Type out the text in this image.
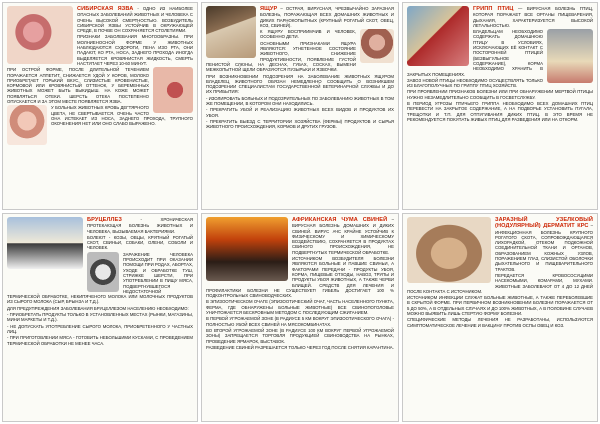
СИБИРСКАЯ ЯЗВА - ОДНО ИЗ НАИБОЛЕЕ ОПАСНЫХ ЗАБОЛЕВАНИЙ ЖИВОТНЫХ И ЧЕЛОВЕКА С ОЧЕНЬ ВЫСОКОЙ СМЕРТНОСТЬЮ. ВОЗБУДИТЕЛЬ СИБИРСКОЙ ЯЗВЫ УСТОЙЧИВ В ОКРУЖАЮЩЕЙ СРЕДЕ, В ПОЧВЕ ОН СОХРАНЯЕТСЯ СТОЛЕТИЯМИ.

ПРИЗНАКИ ЗАБОЛЕВАНИЯ МНОГООБРАЗНЫ. ПРИ МОЛНИЕНОСНОЙ ФОРМЕ У ЖИВОТНЫХ НАБЛЮДАЮТСЯ СУДОРОГИ, ПЕНА ИЗО РТА, ОНИ ПАДАЮТ, КО РТА, НОСА, ЗАДНЕГО ПРОХОДА ИНОГДА ВЫДЕЛЯЕТСЯ КРОВЯНИСТАЯ ЖИДКОСТЬ, СМЕРТЬ НАСТУПАЕТ ЧЕРЕЗ 10-60 МИНУТ.

ПРИ ОСТРОЙ ФОРМЕ, ПОСЛЕ ДЛИТЕЛЬНОЙ ТЕЧЕНИЕМ ПОРАЖАЕТСЯ АППЕТИТ, СНИЖАЕТСЯ УДОЙ У КОРОВ, МОЛОКО ПРИОБРЕТАЕТ ГОРЬКИЙ ВКУС, СЛИЗИСТЫЕ КРОВЕНИСТЫЕ, КОРМОВОЙ ИЛИ КРОВЯНИСТЫЙ ОТТЕНОК, У БЕРЕМЕННЫХ ЖИВОТНЫХ МОЖЕТ БЫТЬ ВЫКИДЫШ. НА КОЖЕ МОЖЕТ ПОЯВЛЯТЬСЯ ОТЕКИ. ШЕРСТЬ ОТЕКА ПОСТЕПЕННО ОПУСКАЕТСЯ И ЗА ЭТОМ МЕСТЕ ПОЯВЛЯЕТСЯ ЯЗВА.

У БОЛЬНЫХ ЖИВОТНЫХ КРОВЬ ДЕГТЯРНОГО ЦВЕТА, НЕ СВЕРТЫВАЕТСЯ. ОЧЕНЬ ЧАСТО ОНА ИСТЕКАЕТ ИЗ НОСА, ЗАДНЕГО ПРОХОДА, ТРУПНОГО ОКОЧЕНЕНИЯ НЕТ ИЛИ ОНО СЛАБО ВЫРАЖЕНО.

ЯЩУР – ОСТРАЯ, ВИРУСНАЯ, ЧРЕЗВЫЧАЙНО ЗАРАЗНАЯ БОЛЕЗНЬ, ПОРАЖАЮЩАЯ ВСЕХ ДОМАШНИХ ЖИВОТНЫХ И ДИКИХ ПАРНОКОПЫТНЫХ (КРУПНЫЙ РОГАТЫЙ СКОТ, ОВЕЦ, КОЗ, СВИНЕЙ).

К ЯЩУРУ ВОСПРИИМЧИВ И ЧЕЛОВЕК, ОСОБЕННО ДЕТИ.

ОСНОВНЫМИ ПРИЗНАКАМИ ЯЩУРА ЯВЛЯЮТСЯ: УГНЕТЕННОЕ СОСТОЯНИЕ ЖИВОТНОГО, СНИЖЕНИЕ ПРОДУКТИВНОСТИ, ПОЯВЛЕНИЕ ГУСТОЙ ПЕНИСТОЙ СЛЮНЫ, НА ДЕСНАХ, ГУБАХ, СОСКАХ, ВЫМЕНИ МЕЖКОПЫТНОЙ ЩЕЛИ ОБРАЗУЮТСЯ ПУЗЫРЬКИ И ЯЗВОЧКИ.

ПРИ ВОЗНИКНОВЕНИИ ПОДОЗРЕНИЯ НА ЗАБОЛЕВАНИЕ ЖИВОТНЫХ ЯЩУРОМ ВЛАДЕЛЕЦ ЖИВОТНОГО ОБЯЗАН НЕМЕДЛЕННО СООБЩИТЬ О ВОЗНИКШЕМ ПОДОЗРЕНИИ СПЕЦИАЛИСТАМ ГОСУДАРСТВЕННОЙ ВЕТЕРИНАРНОЙ СЛУЖБЫ И ДО ИХ ПРИБЫТИЯ:

- ИЗОЛИРОВАТЬ БОЛЬНЫХ И ПОДОЗРИТЕЛЬНЫХ ПО ЗАБОЛЕВАНИЮ ЖИВОТНЫХ В ТОМ ЖЕ ПОМЕЩЕНИИ, В КОТОРОМ ОНИ НАХОДИЛИСЬ.

- ПРЕКРАТИТЬ УБОЙ И РЕАЛИЗАЦИЮ ЖИВОТНЫХ ВСЕХ ВИДОВ И ПРОДУКТОВ ИХ УБОЯ.

- ПРЕКРАТИТЬ ВЫЕЗД С ТЕРРИТОРИИ ХОЗЯЙСТВА (ФЕРМЫ) ПРОДУКТОВ И СЫРЬЯ ЖИВОТНОГО ПРОИСХОЖДЕНИЯ, КОРМОВ И ДРУГИХ ГРУЗОВ.

ГРИПП ПТИЦ — ВИРУСНАЯ БОЛЕЗНЬ ПТИЦ, КОТОРАЯ ПОРАЖАЕТ ВСЕ ОРГАНЫ ПИЩЕВАРЕНИЯ, ДЫХАНИЯ, ХАРАКТЕРИЗУЕТСЯ ВЫСОКОЙ ЛЕТАЛЬНОСТЬЮ.

ВЛАДЕЛЬЦАМ НЕОБХОДИМО СОДЕРЖАТЬ ДОМАШНЮЮ ПТИЦУ В УСЛОВИЯХ, ИСКЛЮЧАЮЩИХ ЕЁ КОНТАКТ С ПОСТОРОННЕЙ ПТИЦЕЙ (БЕЗВЫГУЛЬНОЕ СОДЕРЖАНИЕ), КОРМА НЕОБХОДИМО ХРАНИТЬ В ЗАКРЫТЫХ ПОМЕЩЕНИЯХ.

ЗАВОЗ НОВОЙ ПТИЦЫ НЕОБХОДИМО ОСУЩЕСТВЛЯТЬ ТОЛЬКО ИЗ БЛАГОПОЛУЧНЫХ ПО ГРИППУ ПТИЦ ХОЗЯЙСТВ.

ПРИ ПРОЯВЛЕНИИ ПРИЗНАКОВ БОЛЕЗНИ ИЛИ ПРИ ОБНАРУЖЕНИИ МЕРТВОЙ ПТИЦЫ НУЖНО НЕЗАМЕДЛИТЕЛЬНО СООБЩИТЬ В ГОСВЕТСЛУЖБУ.

В ПЕРИОД УГРОЗЫ ПТИЧЬЕГО ГРИППА НЕОБХОДИМО ВСЕХ ДОМАШНИХ ПТИЦ ПЕРЕВЕСТИ НА ЗАКРЫТОЕ СОДЕРЖАНИЕ, А НА ПОДВОРЬЕ УСТАНОВИТЬ ПУГАЛА, ТРЕЩОТКИ И Т.П. ДЛЯ ОТПУГИВАНИЯ ДИКИХ ПТИЦ. В ЭТО ВРЕМЯ НЕ РЕКОМЕНДУЕТСЯ ПОКУПАТЬ ЖИВЫХ ПТИЦ ДЛЯ РАЗВЕДЕНИЯ ИЛИ НА ОТКОРМ.

БРУЦЕЛЛЕЗ - ХРОНИЧЕСКАЯ ПРОТЕКАЮЩАЯ БОЛЕЗНЬ ЖИВОТНЫХ И ЧЕЛОВЕКА, ВЫЗЫВАЕМАЯ БАКТЕРИЯМИ.

БОЛЕЮТ - КОЗЫ, ОВЦЫ, КРУПНЫЙ РОГАТЫЙ СКОТ, СВИНЬИ, СОБАКИ, ОЛЕНИ, СОБОЛИ И ЧЕЛОВЕК.

ЗАРАЖЕНИЕ ЧЕЛОВЕКА ПРОИСХОДИТ ПРИ ОКАЗАНИИ ПОМОЩИ ПРИ РОДАХ, АБОРТАХ, УХОДЕ И ОБРАБОТКЕ ТУШ, СТРИЖКЕ ШЕРСТИ, ПРИ УПОТРЕБЛЕНИИ В ПИЩУ МЯСА, ПОДВЕРГНУВШЕГОСЯ НЕДОСТАТОЧНОЙ ТЕРМИЧЕСКОЙ ОБРАБОТКЕ, НЕКИПЯЧЕНОГО МОЛОКА ИЛИ МОЛОЧНЫХ ПРОДУКТОВ ИЗ СЫРОГО МОЛОКА (СЫР, БРЫНЗА И Т.Д.).

ДЛЯ ПРЕДУПРЕЖДЕНИЯ ЗАБОЛЕВАНИЯ БРУЦЕЛЛЕЗОМ НАСЕЛЕНИЮ НЕОБХОДИМО:

- ПРИОБРЕТАТЬ ПРОДУКТЫ ТОЛЬКО В УСТАНОВЛЕННЫХ МЕСТАХ (РЫНКИ, МАГАЗИНЫ, МИНИ МАРКЕТЫ И Т.Д.).

- НЕ ДОПУСКАТЬ УПОТРЕБЛЕНИЕ СЫРОГО МОЛОКА, ПРИОБРЕТЕННОГО У ЧАСТНЫХ ЛИЦ.

- ПРИ ПРИГОТОВЛЕНИИ МЯСА - ГОТОВИТЬ НЕБОЛЬШИМИ КУСКАМИ, С ПРОВЕДЕНИЕМ ТЕРМИЧЕСКОЙ ОБРАБОТКИ НЕ МЕНЕЕ ЧАСА.

АФРИКАНСКАЯ ЧУМА СВИНЕЙ – ВИРУСНАЯ БОЛЕЗНЬ ДОМАШНИХ И ДИКИХ СВИНЕЙ. ВИРУС АЧС КРАЙНЕ УСТОЙЧИВ К ФИЗИЧЕСКОМУ И ХИМИЧЕСКОМУ ВОЗДЕЙСТВИЮ, СОХРАНЯЕТСЯ В ПРОДУКТАХ СВИНОГО ПРОИСХОЖДЕНИЯ, НЕ ПОДВЕРГНУТЫХ ТЕРМИЧЕСКОЙ ОБРАБОТКЕ.

ИСТОЧНИКОМ ВОЗБУДИТЕЛЯ БОЛЕЗНИ ЯВЛЯЮТСЯ БОЛЬНЫЕ И ПАВШИЕ СВИНЬИ, А ФАКТОРАМИ ПЕРЕДАЧИ - ПРОДУКТЫ УБОЯ, КОРМА, ПИЩЕВЫЕ ОТХОДЫ, НАВОЗ, ТРУПЫ И ПРОДУКТЫ УБОЯ ЖИВОТНЫХ, А ТАКЖЕ ЧЕРВИ БЛИЩЕЙ. СРЕДСТВ ДЛЯ ЛЕЧЕНИЯ И ПРОФИЛАКТИКИ БОЛЕЗНИ НЕ СУЩЕСТВУЕТ! ГИБЕЛЬ ДОСТИГАЕТ 100 % ПОДКОНТРОЛЬНЫХ СВИНОВОДЧЕСКИХ.

В ЭПИЗООТИЧЕСКОМ ОЧАГЕ (ЭПИЗООТИЧЕСКИЙ ОЧАГ, ЧАСТЬ НАСЕЛЕННОГО ПУНКТА, ФЕРМА, ГДЕ ОБНАРУЖЕНЫ БОЛЬНЫЕ ЖИВОТНЫЕ) ВСЕ СВИНОПОГОЛОВЬЕ УНИЧТОЖАЕТСЯ БЕСКРОВНЫМ МЕТОДОМ С ПОСЛЕДУЮЩИМ СЖИГАНИЕМ.

В ПЕРВОЙ УГРОЖАЕМОЙ ЗОНЕ (В РАДИУСЕ 5 КМ ВОКРУГ ЭПИЗООТИЧЕСКОГО ОЧАГА) - ПОЛНОСТЬЮ УБОЙ ВСЕХ СВИНЕЙ НА МЯСОКОМБИНАТАХ.

ВО ВТОРОЙ УГРОЖАЕМОЙ ЗОНЕ (В РАДИУСЕ 100 КМ ВОКРУГ ПЕРВОЙ УГРОЖАЕМОЙ ЗОНЫ) ЗАПРЕЩАЕТСЯ ТОРГОВЛЯ ПРОДУКЦИЕЙ СВИНОВОДСТВА НА РЫНКАХ, ПРОВЕДЕНИЕ ЯРМАРОК, ВЫСТАВОК.

РАЗВЕДЕНИЕ СВИНЕЙ РАЗРЕШАЕТСЯ ТОЛЬКО ЧЕРЕЗ ГОД ПОСЛЕ СНЯТИЯ КАРАНТИНА.

ЗАРАЗНЫЙ УЗЕЛКОВЫЙ (НОДУЛЯРНЫЙ) ДЕРМАТИТ КРС – ИНФЕКЦИОННАЯ БОЛЕЗНЬ КРУПНОГО РОГАТОГО СКОТА, СОПРОВОЖДАЮЩАЯСЯ ЛИХОРАДКОЙ, ОТЕКОМ ПОДКОЖНОЙ СОЕДИНИТЕЛЬНОЙ ТКАНИ И ОРГАНОВ, ОБРАЗОВАНИЕМ КОЖНЫХ УЗЛОВ, ПОРАЖЕНИЕМ ГЛАЗ, СЛИЗИСТОЙ ОБОЛОЧКИ ДЫХАТЕЛЬНОГО И ПИЩЕВАРИТЕЛЬНОГО ТРАКТОВ.

ПЕРЕДАЕТСЯ КРОВОСОСУЩИМИ НАСЕКОМЫМИ, КОМАРАМИ, МУХАМИ. ЖИВОТНЫЕ ЗАБОЛЕВАЮТ ОТ 4 ДО 12 ДНЕЙ ПОСЛЕ КОНТАКТА С ИСТОЧНИКОМ.

ИСТОЧНИКОМ ИНФЕКЦИИ СЛУЖАТ БОЛЬНЫЕ ЖИВОТНЫЕ, А ТАКЖЕ ПЕРЕБОЛЕВШИЕ В СКРЫТОЙ ФОРМЕ. ПРИ ПЕРВИЧНОМ ВОЗНИКНОВЕНИИ БОЛЕЗНИ ПОРАЖАЕТСЯ ОТ 5 ДО 50%, А В ОТДЕЛЬНЫХ СЛУЧАЯХ И ДО 100% ЖИВОТНЫХ, А В ПОЛОВИНЕ СЛУЧАЕВ МОЖНО ВЫЯВИТЬ ЛИШЬ СТЕРТУЮ ФОРМУ БОЛЕЗНИ.

СПЕЦИФИЧЕСКИЕ МЕТОДЫ ЛЕЧЕНИЯ НЕ РАЗРАБОТАНЫ, ИСПОЛЬЗУЮТСЯ СИМПТОМАТИЧЕСКОЕ ЛЕЧЕНИЕ И ВАКЦИНУ ПРОТИВ ОСПЫ ОВЕЦ И КОЗ.
